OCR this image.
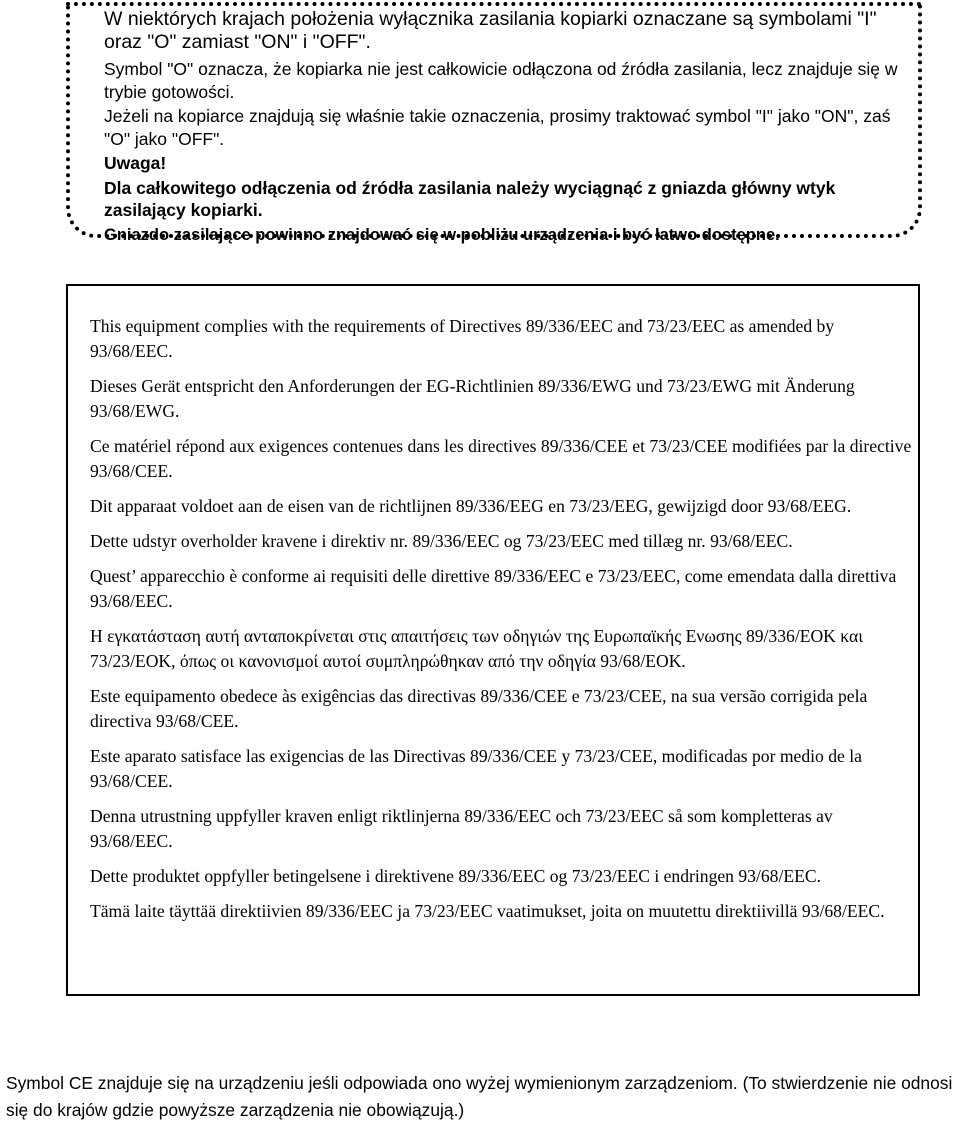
W niektórych krajach położenia wyłącznika zasilania kopiarki oznaczane są symbolami "I" oraz "O" zamiast "ON" i "OFF".

Symbol "O" oznacza, że kopiarka nie jest całkowicie odłączona od źródła zasilania, lecz znajduje się w trybie gotowości.

Jeżeli na kopiarce znajdują się właśnie takie oznaczenia, prosimy traktować symbol "I" jako "ON", zaś "O" jako "OFF".

Uwaga!

Dla całkowitego odłączenia od źródła zasilania należy wyciągnąć z gniazda główny wtyk zasilający kopiarki.

Gniazdo zasilające powinno znajdować się w pobliżu urządzenia i być łatwo dostępne.

This equipment complies with the requirements of Directives 89/336/EEC and 73/23/EEC as amended by 93/68/EEC.

Dieses Gerät entspricht den Anforderungen der EG-Richtlinien 89/336/EWG und 73/23/EWG mit Änderung 93/68/EWG.

Ce matériel répond aux exigences contenues dans les directives 89/336/CEE et 73/23/CEE modifiées par la directive 93/68/CEE.

Dit apparaat voldoet aan de eisen van de richtlijnen 89/336/EEG en 73/23/EEG, gewijzigd door 93/68/EEG.

Dette udstyr overholder kravene i direktiv nr. 89/336/EEC og 73/23/EEC med tillæg nr. 93/68/EEC.

Quest’ apparecchio è conforme ai requisiti delle direttive 89/336/EEC e 73/23/EEC, come emendata dalla direttiva 93/68/EEC.

Η εγκατάσταση αυτή ανταποκρίνεται στις απαιτήσεις των οδηγιών της Ευρωπαϊκής Ενωσης 89/336/ΕΟΚ και 73/23/ΕΟΚ, όπως οι κανονισμοί αυτοί συμπληρώθηκαν από την οδηγία 93/68/ΕΟΚ.

Este equipamento obedece às exigências das directivas 89/336/CEE e 73/23/CEE, na sua versão corrigida pela directiva 93/68/CEE.

Este aparato satisface las exigencias de las Directivas 89/336/CEE y 73/23/CEE, modificadas por medio de la 93/68/CEE.

Denna utrustning uppfyller kraven enligt riktlinjerna 89/336/EEC och 73/23/EEC så som kompletteras av 93/68/EEC.

Dette produktet oppfyller betingelsene i direktivene 89/336/EEC og 73/23/EEC i endringen 93/68/EEC.

Tämä laite täyttää direktiivien 89/336/EEC ja 73/23/EEC vaatimukset, joita on muutettu direktiivillä 93/68/EEC.

Symbol CE znajduje się na urządzeniu jeśli odpowiada ono wyżej wymienionym zarządzeniom. (To stwierdzenie nie odnosi się do krajów gdzie powyższe zarządzenia nie obowiązują.)
